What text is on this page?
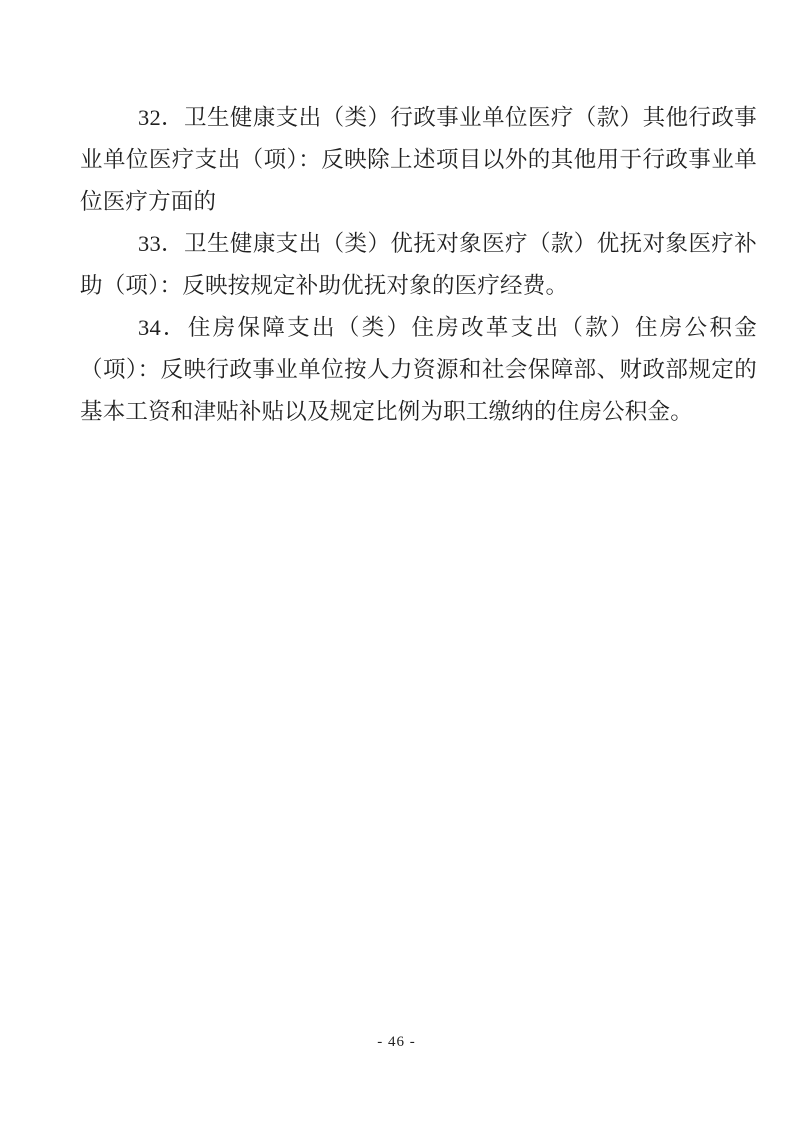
32．卫生健康支出（类）行政事业单位医疗（款）其他行政事业单位医疗支出（项）：反映除上述项目以外的其他用于行政事业单位医疗方面的

33．卫生健康支出（类）优抚对象医疗（款）优抚对象医疗补助（项）：反映按规定补助优抚对象的医疗经费。

34．住房保障支出（类）住房改革支出（款）住房公积金（项）：反映行政事业单位按人力资源和社会保障部、财政部规定的基本工资和津贴补贴以及规定比例为职工缴纳的住房公积金。

- 46 -
